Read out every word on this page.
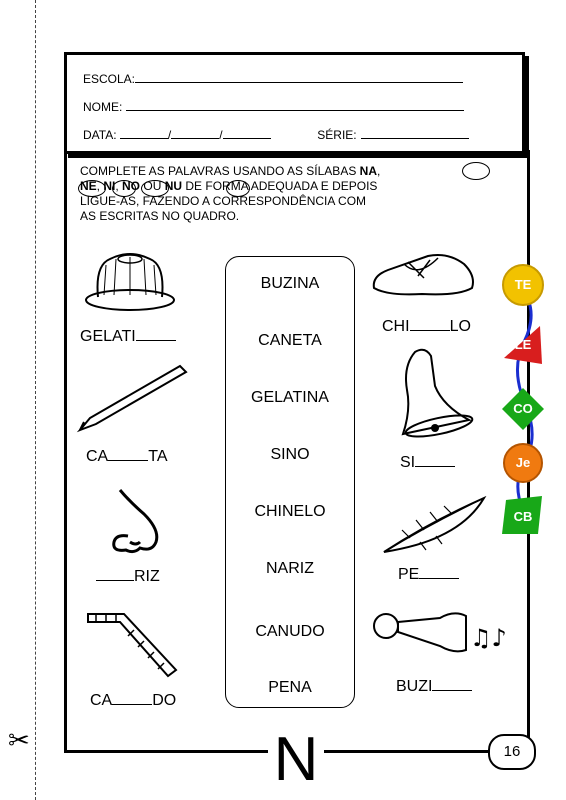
✂
ESCOLA:
NOME:
DATA:	/	/	SÉRIE:
COMPLETE AS PALAVRAS USANDO AS SÍLABAS NA,
NE, NI, NO OU NU DE FORMA ADEQUADA E DEPOIS
LIGUE-AS, FAZENDO A CORRESPONDÊNCIA COM
AS ESCRITAS NO QUADRO.
BUZINA
CANETA
GELATINA
SINO
CHINELO
NARIZ
CANUDO
PENA
GELATI
CA	TA
RIZ
CA	DO
CHI	LO
SI
PE
♫♪
BUZI
TE
LE
CO
Je
CB
N	16
